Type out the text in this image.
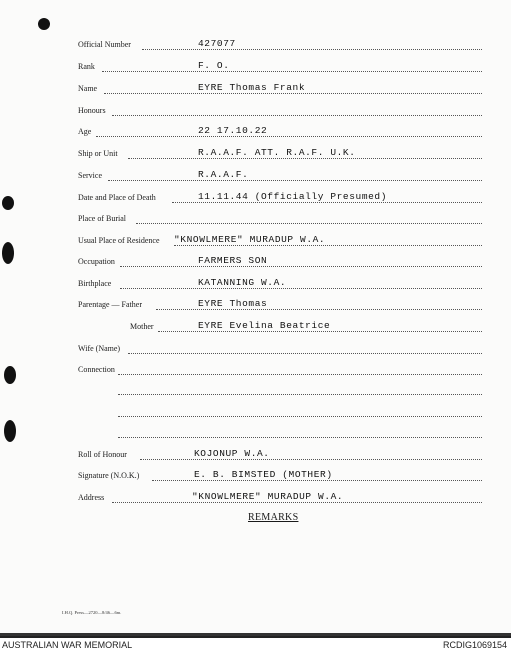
Official Number	427077
Rank	F. O.
Name	EYRE Thomas Frank
Honours
Age	22 17.10.22
Ship or Unit	R.A.A.F. ATT. R.A.F. U.K.
Service	R.A.A.F.
Date and Place of Death	11.11.44 (Officially Presumed)
Place of Burial
Usual Place of Residence "KNOWLMERE" MURADUP W.A.
Occupation	FARMERS SON
Birthplace	KATANNING W.A.
Parentage — Father	EYRE Thomas
Mother	EYRE Evelina Beatrice
Wife (Name)
Connection
Roll of Honour	KOJONUP W.A.
Signature (N.O.K.)	E. B. BIMSTED (MOTHER)
Address	"KNOWLMERE" MURADUP W.A.
REMARKS
I.H.Q. Press—2720—8/46—6m.
AUSTRALIAN WAR MEMORIAL	RCDIG1069154
